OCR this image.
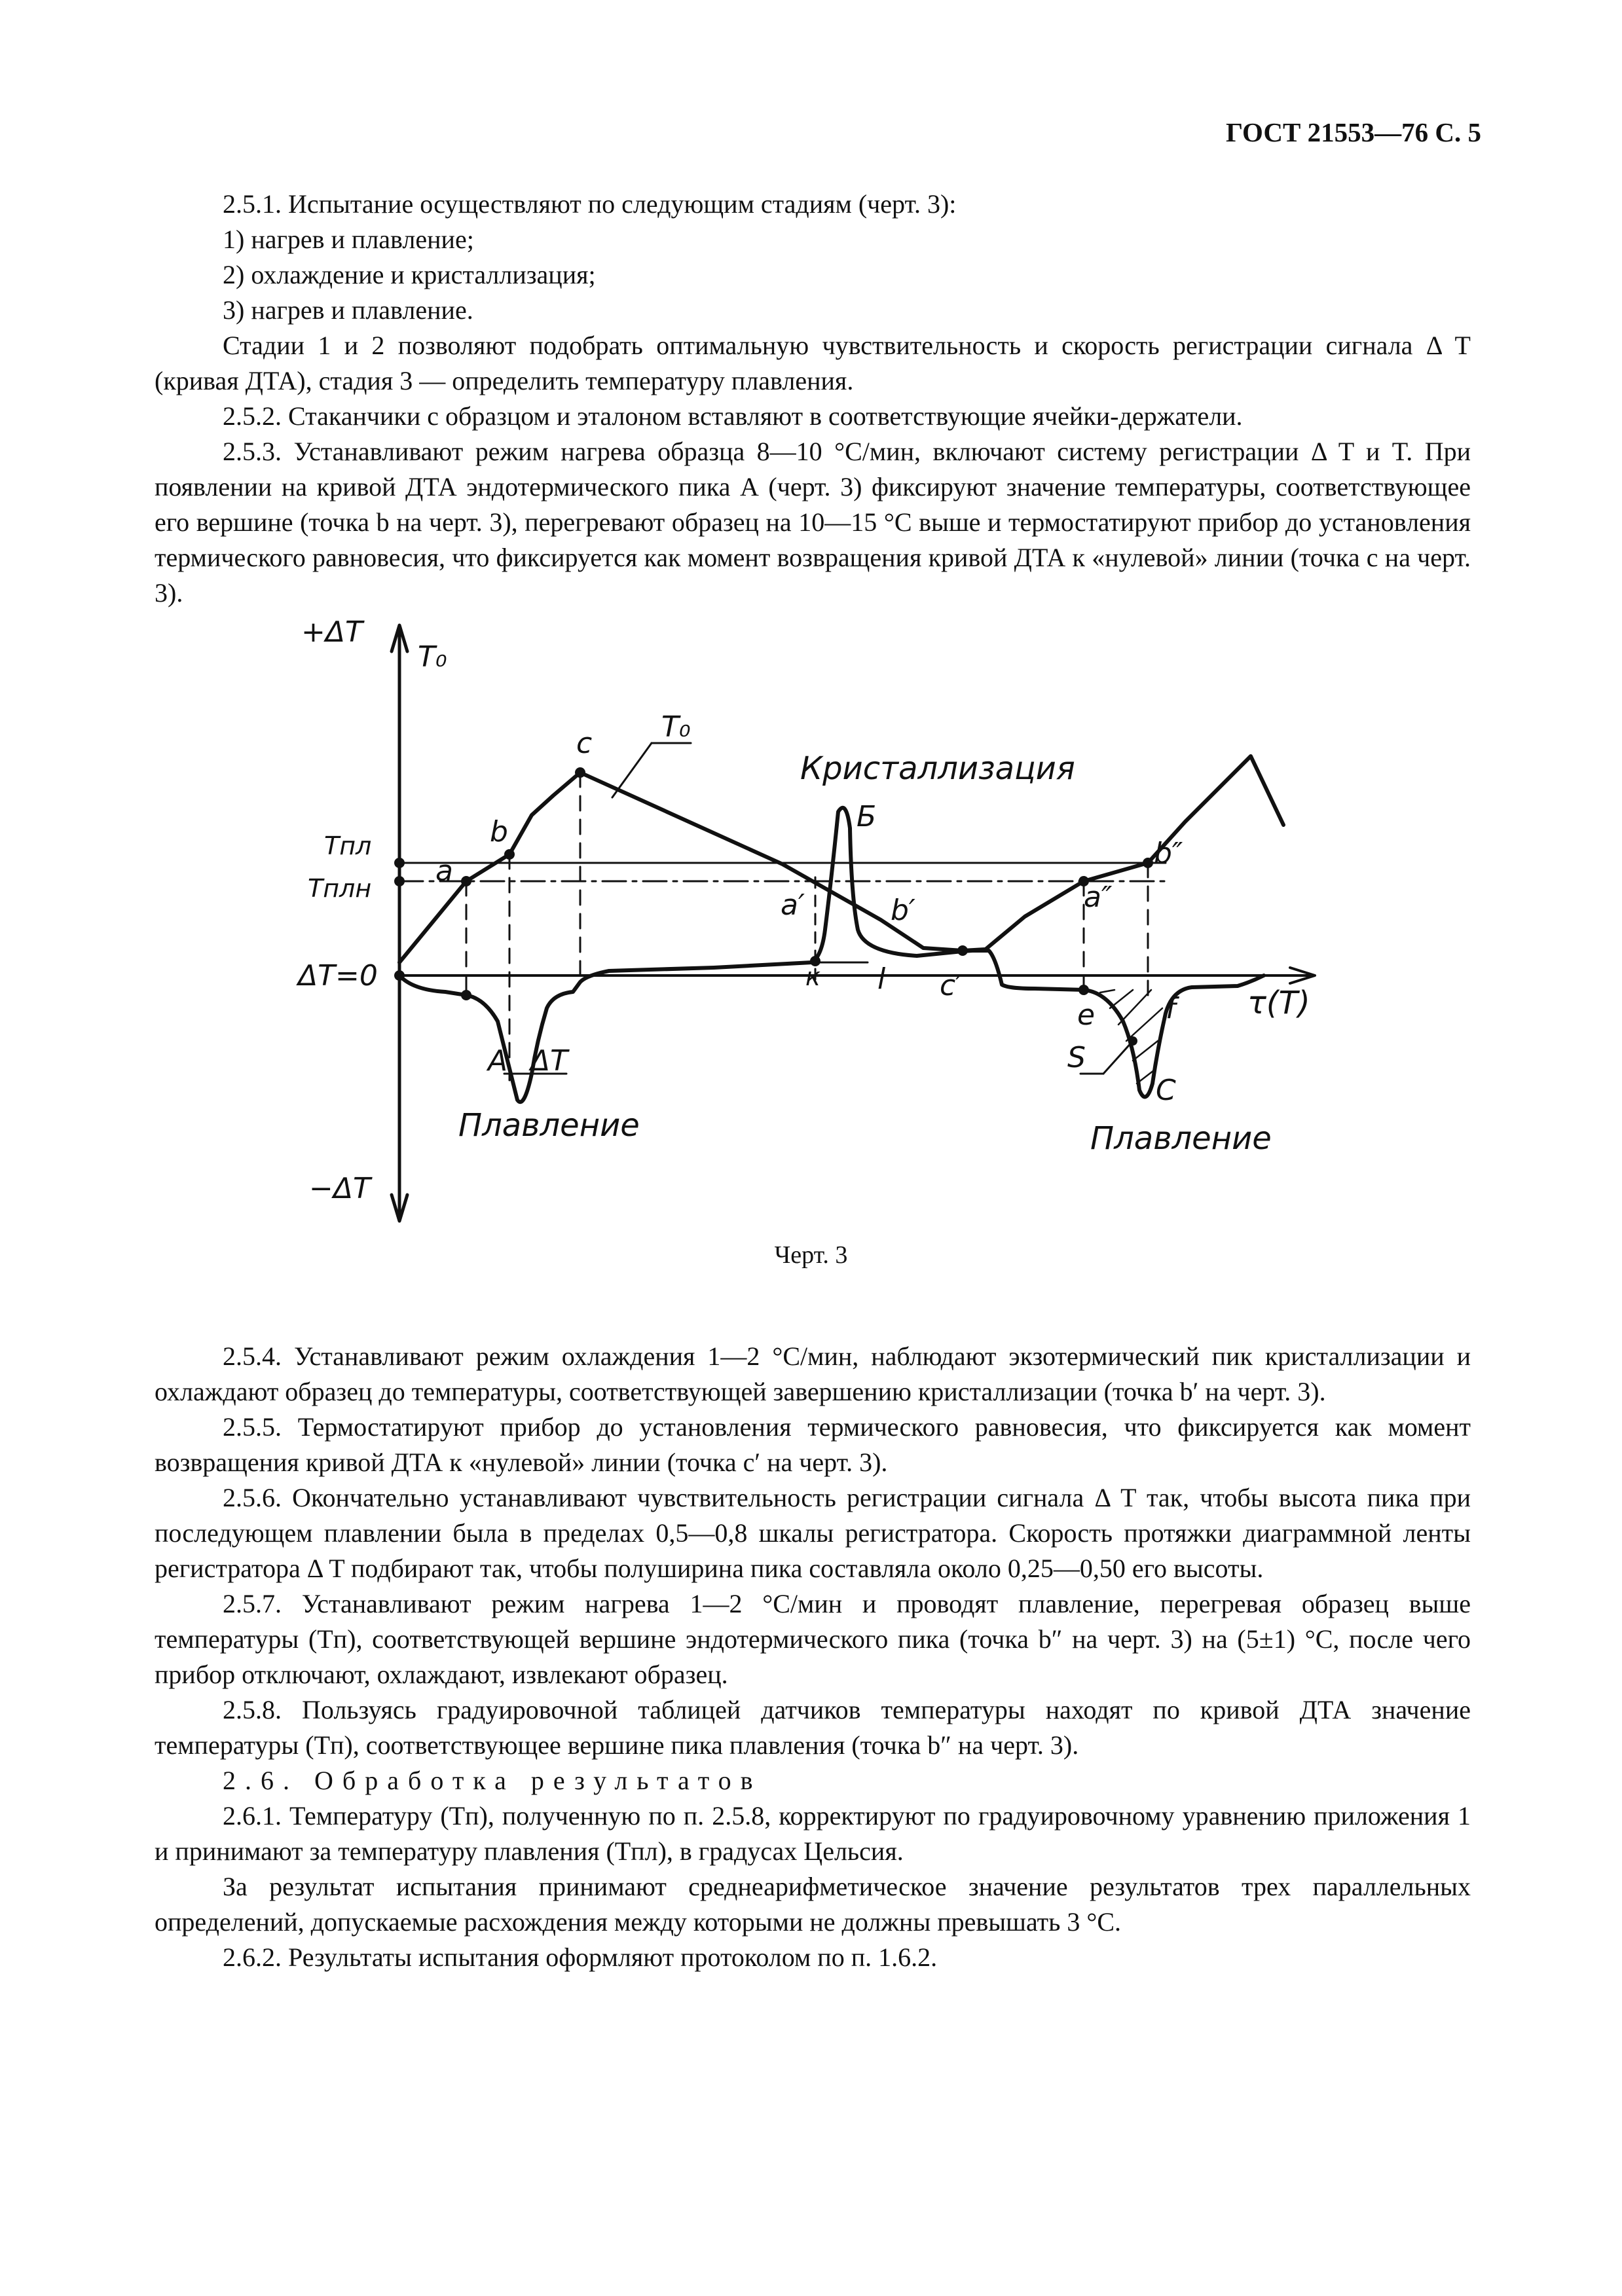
ГОСТ 21553—76 С. 5

2.5.1. Испытание осуществляют по следующим стадиям (черт. 3):

1) нагрев и плавление;

2) охлаждение и кристаллизация;

3) нагрев и плавление.

Стадии 1 и 2 позволяют подобрать оптимальную чувствительность и скорость регистрации сигнала Δ T (кривая ДТА), стадия 3 — определить температуру плавления.

2.5.2. Стаканчики с образцом и эталоном вставляют в соответствующие ячейки-держатели.

2.5.3. Устанавливают режим нагрева образца 8—10 °С/мин, включают систему регистрации Δ T и T. При появлении на кривой ДТА эндотермического пика А (черт. 3) фиксируют значение температуры, соответствующее его вершине (точка b на черт. 3), перегревают образец на 10—15 °С выше и термостатируют прибор до установления термического равновесия, что фиксируется как момент возвращения кривой ДТА к «нулевой» линии (точка c на черт. 3).

+ΔT
T₀
T₀
c
b
a
Tпл
Tплн
ΔT=0
−ΔT
A ΔT
Плавление
Кристаллизация
Б
a′	b′
к l c′
a″
b″
τ(T)
e f
S
C
Плавление
Черт. 3

2.5.4. Устанавливают режим охлаждения 1—2 °С/мин, наблюдают экзотермический пик кристаллизации и охлаждают образец до температуры, соответствующей завершению кристаллизации (точка b′ на черт. 3).

2.5.5. Термостатируют прибор до установления термического равновесия, что фиксируется как момент возвращения кривой ДТА к «нулевой» линии (точка c′ на черт. 3).

2.5.6. Окончательно устанавливают чувствительность регистрации сигнала Δ T так, чтобы высота пика при последующем плавлении была в пределах 0,5—0,8 шкалы регистратора. Скорость протяжки диаграммной ленты регистратора Δ T подбирают так, чтобы полуширина пика составляла около 0,25—0,50 его высоты.

2.5.7. Устанавливают режим нагрева 1—2 °С/мин и проводят плавление, перегревая образец выше температуры (Tп), соответствующей вершине эндотермического пика (точка b″ на черт. 3) на (5±1) °С, после чего прибор отключают, охлаждают, извлекают образец.

2.5.8. Пользуясь градуировочной таблицей датчиков температуры находят по кривой ДТА значение температуры (Tп), соответствующее вершине пика плавления (точка b″ на черт. 3).

2.6. Обработка результатов

2.6.1. Температуру (Tп), полученную по п. 2.5.8, корректируют по градуировочному уравнению приложения 1 и принимают за температуру плавления (Tпл), в градусах Цельсия.

За результат испытания принимают среднеарифметическое значение результатов трех параллельных определений, допускаемые расхождения между которыми не должны превышать 3 °С.

2.6.2. Результаты испытания оформляют протоколом по п. 1.6.2.
